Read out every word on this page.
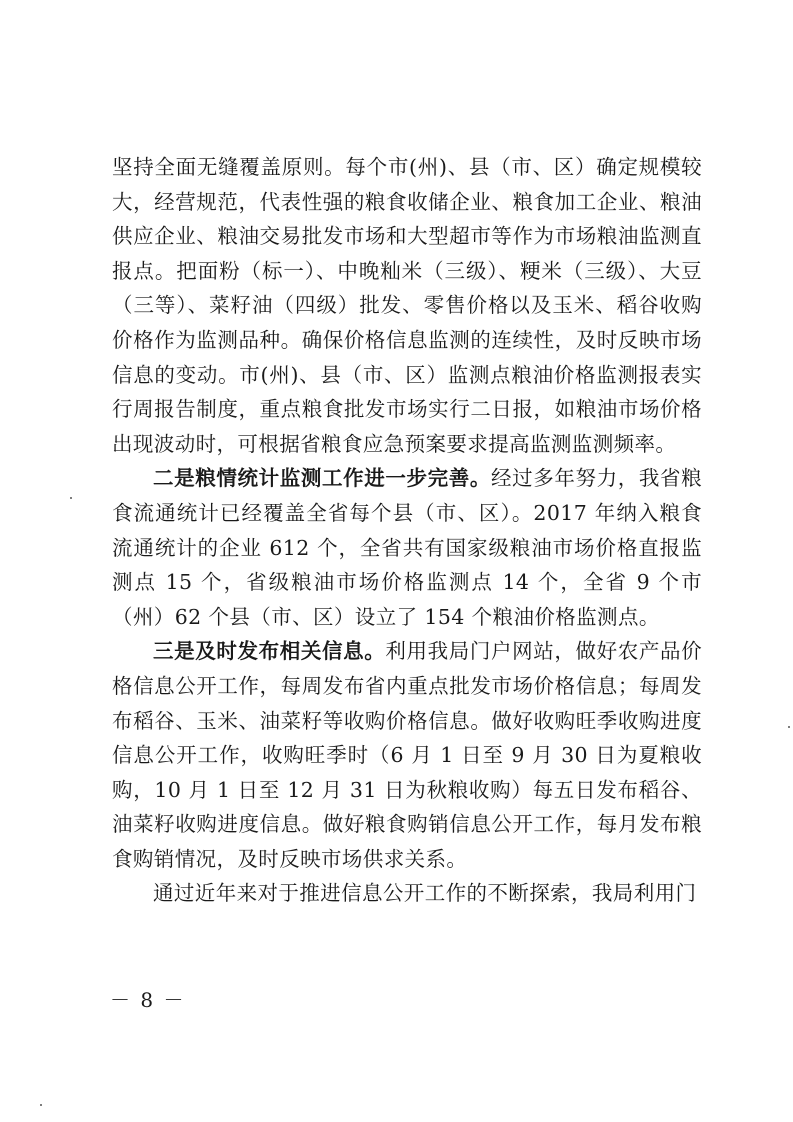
坚持全面无缝覆盖原则。每个市(州)、县（市、区）确定规模较大，经营规范，代表性强的粮食收储企业、粮食加工企业、粮油供应企业、粮油交易批发市场和大型超市等作为市场粮油监测直报点。把面粉（标一）、中晚籼米（三级）、粳米（三级）、大豆（三等）、菜籽油（四级）批发、零售价格以及玉米、稻谷收购价格作为监测品种。确保价格信息监测的连续性，及时反映市场信息的变动。市(州)、县（市、区）监测点粮油价格监测报表实行周报告制度，重点粮食批发市场实行二日报，如粮油市场价格出现波动时，可根据省粮食应急预案要求提高监测监测频率。

二是粮情统计监测工作进一步完善。经过多年努力，我省粮食流通统计已经覆盖全省每个县（市、区）。2017 年纳入粮食流通统计的企业 612 个，全省共有国家级粮油市场价格直报监测点 15 个，省级粮油市场价格监测点 14 个，全省 9 个市（州）62 个县（市、区）设立了 154 个粮油价格监测点。

三是及时发布相关信息。利用我局门户网站，做好农产品价格信息公开工作，每周发布省内重点批发市场价格信息；每周发布稻谷、玉米、油菜籽等收购价格信息。做好收购旺季收购进度信息公开工作，收购旺季时（6 月 1 日至 9 月 30 日为夏粮收购，10 月 1 日至 12 月 31 日为秋粮收购）每五日发布稻谷、油菜籽收购进度信息。做好粮食购销信息公开工作，每月发布粮食购销情况，及时反映市场供求关系。

通过近年来对于推进信息公开工作的不断探索，我局利用门

－ 8 －
